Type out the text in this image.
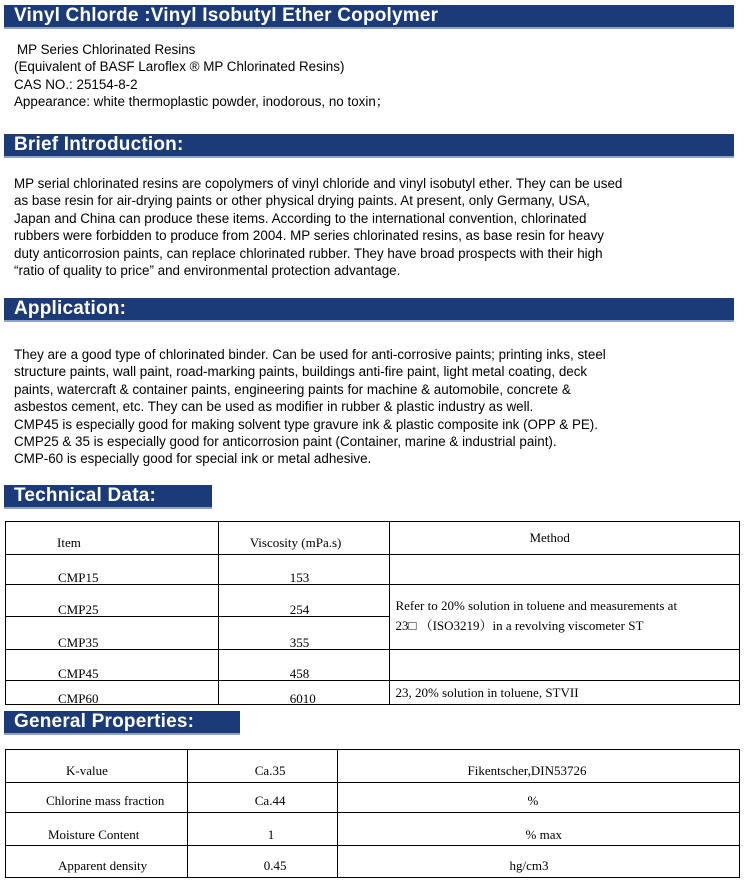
Vinyl Chlorde :Vinyl Isobutyl Ether Copolymer
MP Series Chlorinated Resins
(Equivalent of BASF Laroflex ® MP Chlorinated Resins)
CAS NO.: 25154-8-2
Appearance: white thermoplastic powder, inodorous, no toxin；
Brief Introduction:
MP serial chlorinated resins are copolymers of vinyl chloride and vinyl isobutyl ether. They can be used
as base resin for air-drying paints or other physical drying paints. At present, only Germany, USA,
Japan and China can produce these items. According to the international convention, chlorinated
rubbers were forbidden to produce from 2004. MP series chlorinated resins, as base resin for heavy
duty anticorrosion paints, can replace chlorinated rubber. They have broad prospects with their high
“ratio of quality to price” and environmental protection advantage.
Application:
They are a good type of chlorinated binder. Can be used for anti-corrosive paints; printing inks, steel
structure paints, wall paint, road-marking paints, buildings anti-fire paint, light metal coating, deck
paints, watercraft & container paints, engineering paints for machine & automobile, concrete &
asbestos cement, etc. They can be used as modifier in rubber & plastic industry as well.
CMP45 is especially good for making solvent type gravure ink & plastic composite ink (OPP & PE).
CMP25 & 35 is especially good for anticorrosion paint (Container, marine & industrial paint).
CMP-60 is especially good for special ink or metal adhesive.
Technical Data:
Item	Viscosity (mPa.s)	Method

CMP15	153	

CMP25	254	Refer to 20% solution in toluene and measurements at
23□ （ISO3219）in a revolving viscometer ST

CMP35	355	

CMP45	458	

CMP60	6010	23, 20% solution in toluene, STVII
General Properties:
K-value	Ca.35	Fikentscher,DIN53726

Chlorine mass fraction	Ca.44	%

Moisture Content	1	% max

Apparent density	0.45	hg/cm3
